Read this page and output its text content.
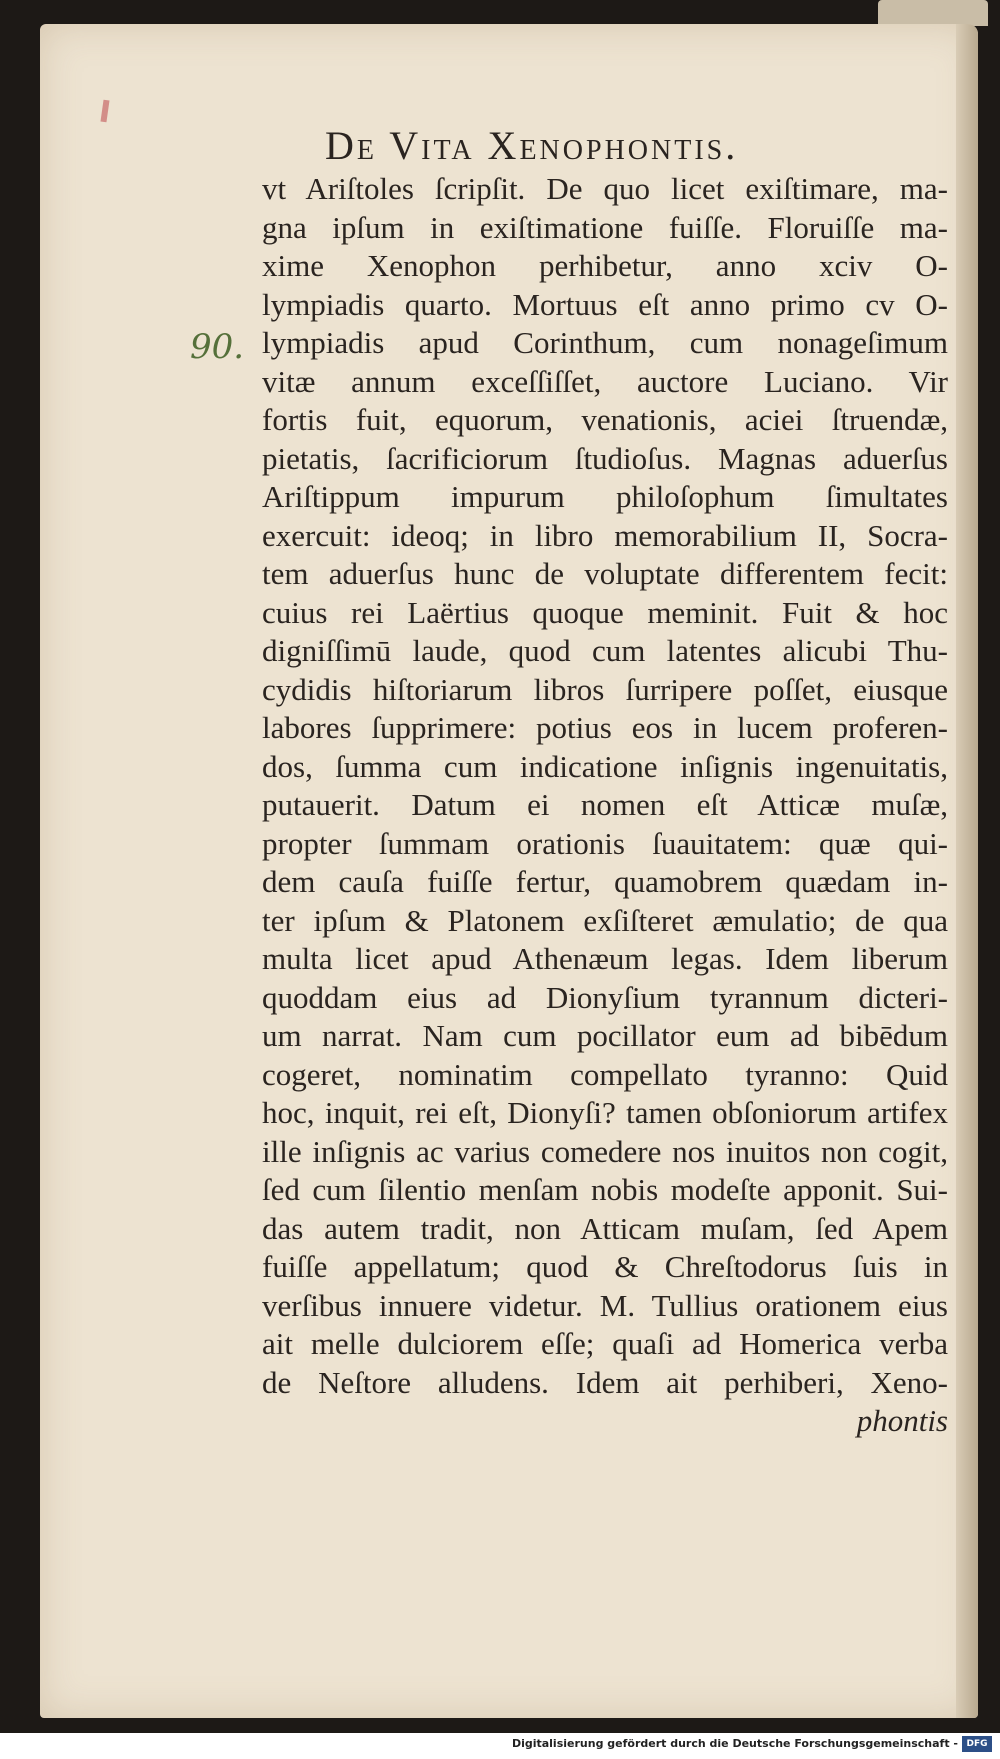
De Vita Xenophontis.
90.
vt Ariſtoles ſcripſit. De quo licet exiſtimare, ma-
gna ipſum in exiſtimatione fuiſſe. Floruiſſe ma-
xime Xenophon perhibetur, anno xciv O-
lympiadis quarto. Mortuus eſt anno primo cv O-
lympiadis apud Corinthum, cum nonageſimum
vitæ annum exceſſiſſet, auctore Luciano. Vir
fortis fuit, equorum, venationis, aciei ſtruendæ,
pietatis, ſacrificiorum ſtudioſus. Magnas aduerſus
Ariſtippum impurum philoſophum ſimultates
exercuit: ideoq; in libro memorabilium II, Socra-
tem aduerſus hunc de voluptate differentem fecit:
cuius rei Laërtius quoque meminit. Fuit & hoc
digniſſimū laude, quod cum latentes alicubi Thu-
cydidis hiſtoriarum libros ſurripere poſſet, eiusque
labores ſupprimere: potius eos in lucem proferen-
dos, ſumma cum indicatione inſignis ingenuitatis,
putauerit. Datum ei nomen eſt Atticæ muſæ,
propter ſummam orationis ſuauitatem: quæ qui-
dem cauſa fuiſſe fertur, quamobrem quædam in-
ter ipſum & Platonem exſiſteret æmulatio; de qua
multa licet apud Athenæum legas. Idem liberum
quoddam eius ad Dionyſium tyrannum dicteri-
um narrat. Nam cum pocillator eum ad bibēdum
cogeret, nominatim compellato tyranno: Quid
hoc, inquit, rei eſt, Dionyſi? tamen obſoniorum artifex
ille inſignis ac varius comedere nos inuitos non cogit,
ſed cum ſilentio menſam nobis modeſte apponit. Sui-
das autem tradit, non Atticam muſam, ſed Apem
fuiſſe appellatum; quod & Chreſtodorus ſuis in
verſibus innuere videtur. M. Tullius orationem eius
ait melle dulciorem eſſe; quaſi ad Homerica verba
de Neſtore alludens. Idem ait perhiberi, Xeno-
phontis
Digitalisierung gefördert durch die Deutsche Forschungsgemeinschaft - DFG
